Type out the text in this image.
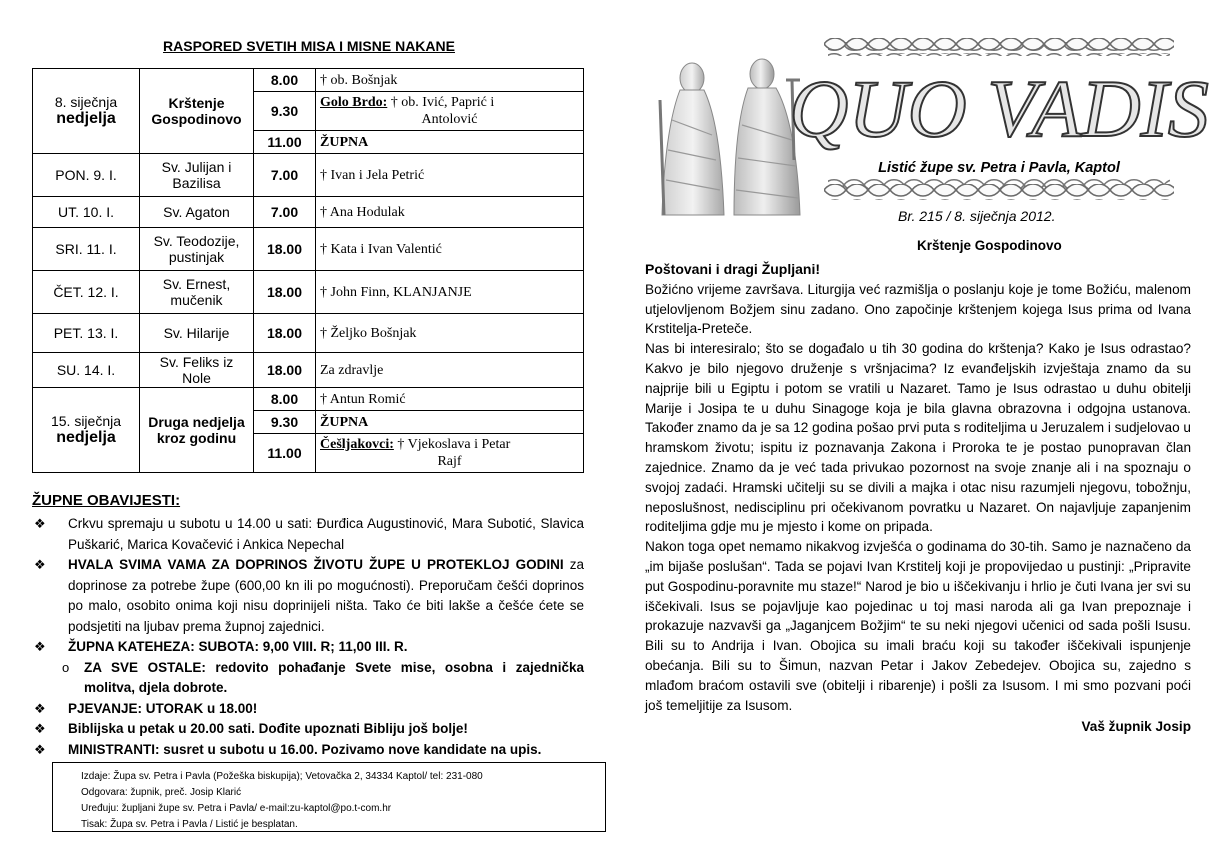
RASPORED SVETIH MISA I MISNE NAKANE
8. siječnja
nedjelja	Krštenje Gospodinovo	8.00	† ob. Bošnjak
		9.30	Golo Brdo: † ob. Ivić, Paprić i
Antolović

		11.00	ŽUPNA
PON. 9. I.	Sv. Julijan i Bazilisa	7.00	† Ivan i Jela Petrić
UT. 10. I.	Sv. Agaton	7.00	† Ana Hodulak
SRI. 11. I.	Sv. Teodozije, pustinjak	18.00	† Kata i Ivan Valentić
ČET. 12. I.	Sv. Ernest, mučenik	18.00	† John Finn, KLANJANJE
PET. 13. I.	Sv. Hilarije	18.00	† Željko Bošnjak
SU. 14. I.	Sv. Feliks iz Nole	18.00	Za zdravlje

15. siječnja
nedjelja	Druga nedjelja kroz godinu	8.00	† Antun Romić
		9.30	ŽUPNA
		11.00	Češljakovci: † Vjekoslava i Petar
Rajf
ŽUPNE OBAVIJESTI:
❖ Crkvu spremaju u subotu u 14.00 u sati: Đurđica Augustinović, Mara Subotić, Slavica Puškarić, Marica Kovačević i Ankica Nepechal
❖ HVALA SVIMA VAMA ZA DOPRINOS ŽIVOTU ŽUPE U PROTEKLOJ GODINI za doprinose za potrebe župe (600,00 kn ili po mogućnosti). Preporučam češći doprinos po malo, osobito onima koji nisu doprinijeli ništa. Tako će biti lakše a češće ćete se podsjetiti na ljubav prema župnoj zajednici.
❖ ŽUPNA KATEHEZA: SUBOTA: 9,00 VIII. R; 11,00 III. R.
o ZA SVE OSTALE: redovito pohađanje Svete mise, osobna i zajednička molitva, djela dobrote.
❖ PJEVANJE: UTORAK u 18.00!
❖ Biblijska u petak u 20.00 sati. Dođite upoznati Bibliju još bolje!
❖ MINISTRANTI: susret u subotu u 16.00. Pozivamo nove kandidate na upis.
Izdaje: Župa sv. Petra i Pavla (Požeška biskupija); Vetovačka 2, 34334 Kaptol/ tel: 231-080
Odgovara: župnik, preč. Josip Klarić
Uređuju: župljani župe sv. Petra i Pavla/ e-mail:zu-kaptol@po.t-com.hr
Tisak: Župa sv. Petra i Pavla / Listić je besplatan.
QUO VADIS
Listić župe sv. Petra i Pavla, Kaptol
Br. 215 / 8. siječnja 2012.
Krštenje Gospodinovo

Poštovani i dragi Župljani!

Božićno vrijeme završava. Liturgija već razmišlja o poslanju koje je tome Božiću, malenom utjelovljenom Božjem sinu zadano. Ono započinje krštenjem kojega Isus prima od Ivana Krstitelja-Preteče.

Nas bi interesiralo; što se događalo u tih 30 godina do krštenja? Kako je Isus odrastao? Kakvo je bilo njegovo druženje s vršnjacima? Iz evanđeljskih izvještaja znamo da su najprije bili u Egiptu i potom se vratili u Nazaret. Tamo je Isus odrastao u duhu obitelji Marije i Josipa te u duhu Sinagoge koja je bila glavna obrazovna i odgojna ustanova. Također znamo da je sa 12 godina pošao prvi puta s roditeljima u Jeruzalem i sudjelovao u hramskom životu; ispitu iz poznavanja Zakona i Proroka te je postao punopravan član zajednice. Znamo da je već tada privukao pozornost na svoje znanje ali i na spoznaju o svojoj zadaći. Hramski učitelji su se divili a majka i otac nisu razumjeli njegovu, tobožnju, neposlušnost, nedisciplinu pri očekivanom povratku u Nazaret. On najavljuje zapanjenim roditeljima gdje mu je mjesto i kome on pripada.

Nakon toga opet nemamo nikakvog izvješća o godinama do 30-tih. Samo je naznačeno da „im bijaše poslušan“. Tada se pojavi Ivan Krstitelj koji je propovijedao u pustinji: „Pripravite put Gospodinu-poravnite mu staze!“ Narod je bio u iščekivanju i hrlio je čuti Ivana jer svi su iščekivali. Isus se pojavljuje kao pojedinac u toj masi naroda ali ga Ivan prepoznaje i prokazuje nazvavši ga „Jaganjcem Božjim“ te su neki njegovi učenici od sada pošli Isusu. Bili su to Andrija i Ivan. Obojica su imali braću koji su također iščekivali ispunjenje obećanja. Bili su to Šimun, nazvan Petar i Jakov Zebedejev. Obojica su, zajedno s mlađom braćom ostavili sve (obitelji i ribarenje) i pošli za Isusom. I mi smo pozvani poći još temeljitije za Isusom.

Vaš župnik Josip
